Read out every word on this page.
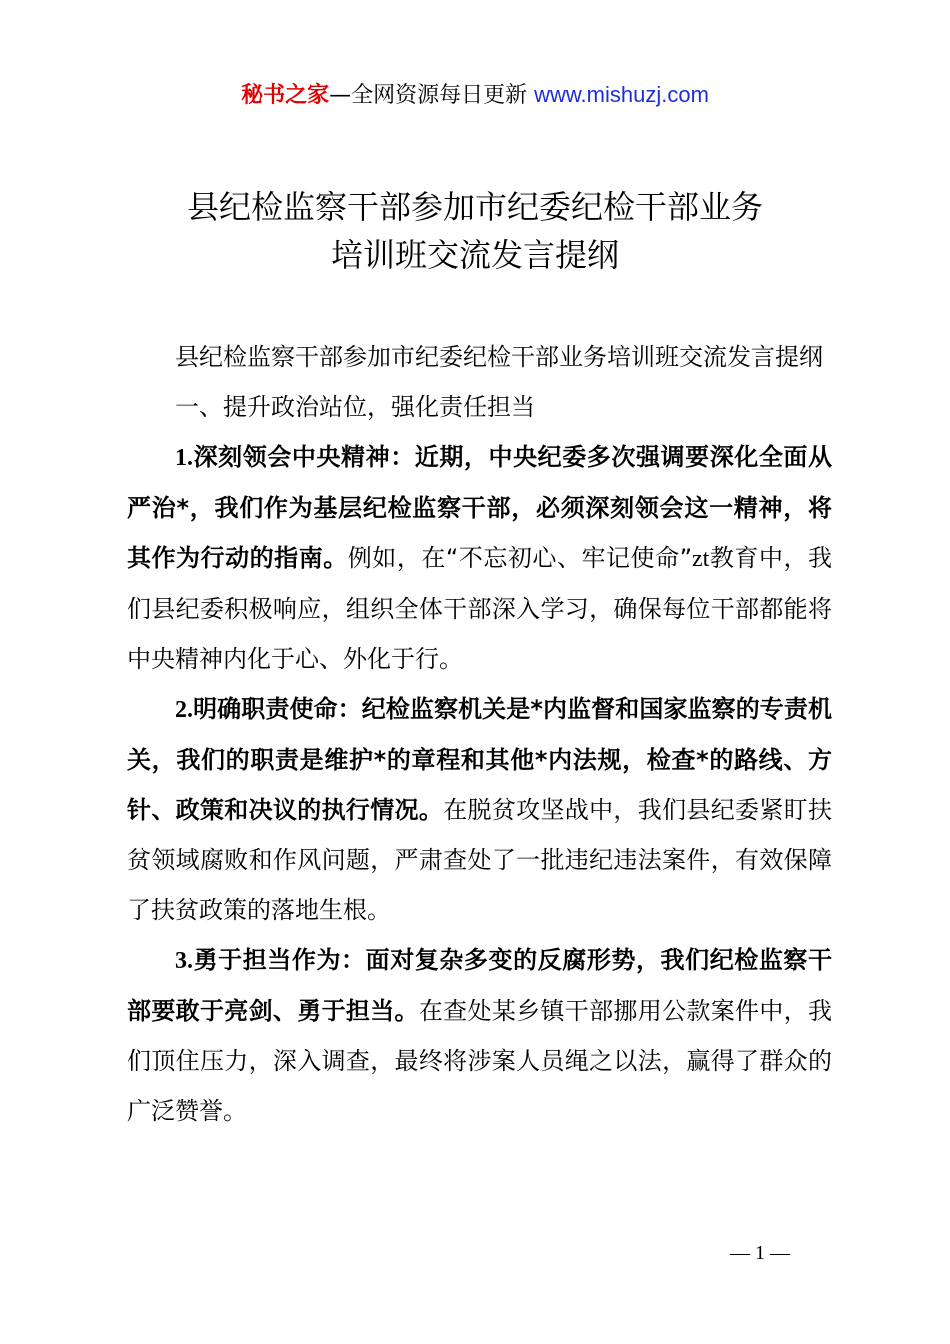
秘书之家—全网资源每日更新 www.mishuzj.com
县纪检监察干部参加市纪委纪检干部业务
培训班交流发言提纲

县纪检监察干部参加市纪委纪检干部业务培训班交流发言提纲

一、提升政治站位，强化责任担当

1.深刻领会中央精神：近期，中央纪委多次强调要深化全面从严治*，我们作为基层纪检监察干部，必须深刻领会这一精神，将其作为行动的指南。例如，在“不忘初心、牢记使命”zt教育中，我们县纪委积极响应，组织全体干部深入学习，确保每位干部都能将中央精神内化于心、外化于行。

2.明确职责使命：纪检监察机关是*内监督和国家监察的专责机关，我们的职责是维护*的章程和其他*内法规，检查*的路线、方针、政策和决议的执行情况。在脱贫攻坚战中，我们县纪委紧盯扶贫领域腐败和作风问题，严肃查处了一批违纪违法案件，有效保障了扶贫政策的落地生根。

3.勇于担当作为：面对复杂多变的反腐形势，我们纪检监察干部要敢于亮剑、勇于担当。在查处某乡镇干部挪用公款案件中，我们顶住压力，深入调查，最终将涉案人员绳之以法，赢得了群众的广泛赞誉。

— 1 —
